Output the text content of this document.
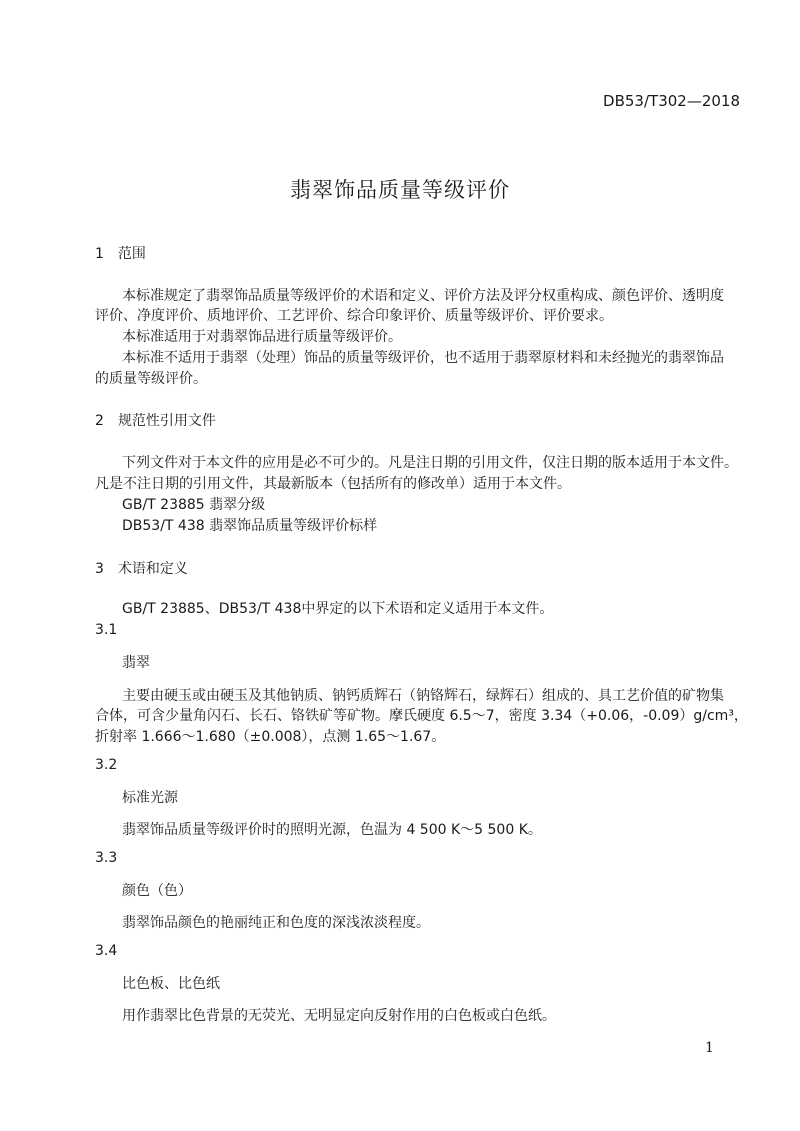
DB53/T302—2018
翡翠饰品质量等级评价
1　范围
本标准规定了翡翠饰品质量等级评价的术语和定义、评价方法及评分权重构成、颜色评价、透明度
评价、净度评价、质地评价、工艺评价、综合印象评价、质量等级评价、评价要求。
本标准适用于对翡翠饰品进行质量等级评价。
本标准不适用于翡翠（处理）饰品的质量等级评价，也不适用于翡翠原材料和未经抛光的翡翠饰品
的质量等级评价。
2　规范性引用文件
下列文件对于本文件的应用是必不可少的。凡是注日期的引用文件，仅注日期的版本适用于本文件。
凡是不注日期的引用文件，其最新版本（包括所有的修改单）适用于本文件。
GB/T 23885 翡翠分级
DB53/T 438 翡翠饰品质量等级评价标样
3　术语和定义
GB/T 23885、DB53/T 438中界定的以下术语和定义适用于本文件。
3.1
翡翠
主要由硬玉或由硬玉及其他钠质、钠钙质辉石（钠铬辉石，绿辉石）组成的、具工艺价值的矿物集
合体，可含少量角闪石、长石、铬铁矿等矿物。摩氏硬度 6.5～7，密度 3.34（+0.06，-0.09）g/cm³，
折射率 1.666～1.680（±0.008），点测 1.65～1.67。
3.2
标准光源
翡翠饰品质量等级评价时的照明光源，色温为 4 500 K～5 500 K。
3.3
颜色（色）
翡翠饰品颜色的艳丽纯正和色度的深浅浓淡程度。
3.4
比色板、比色纸
用作翡翠比色背景的无荧光、无明显定向反射作用的白色板或白色纸。
1
